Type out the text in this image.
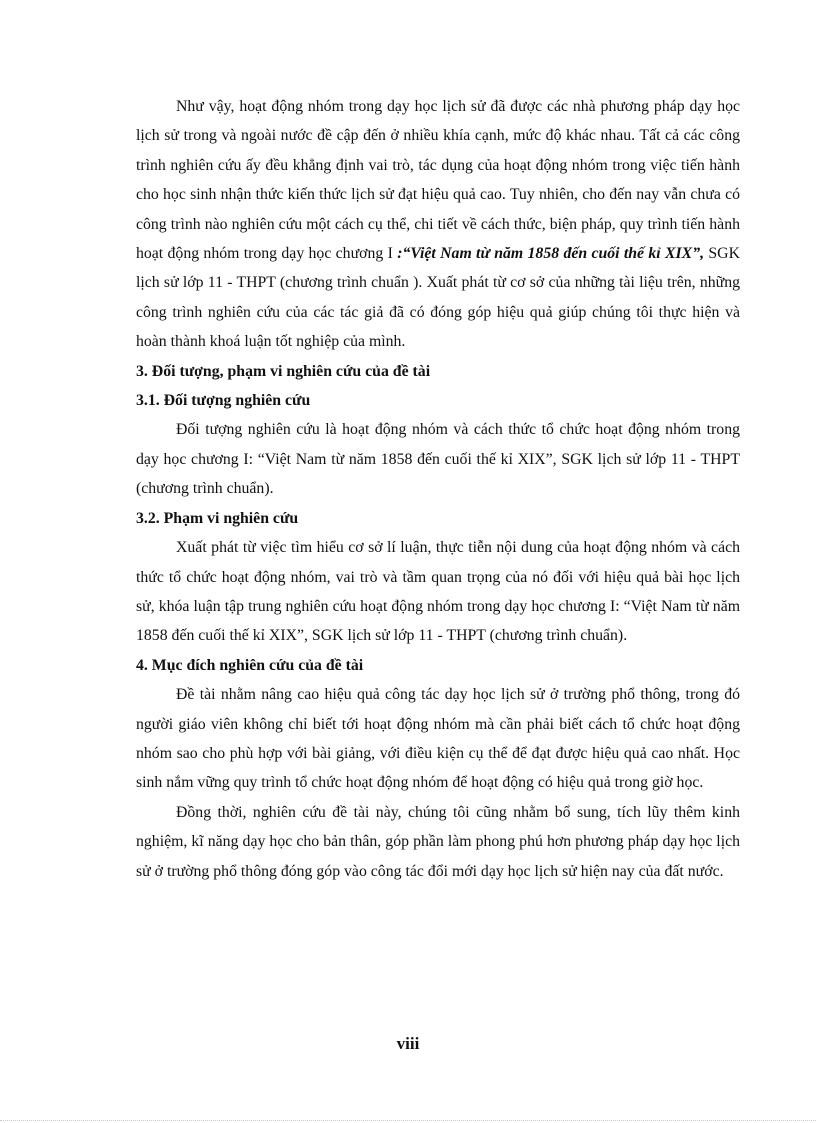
Như vậy, hoạt động nhóm trong dạy học lịch sử đã được các nhà phương pháp dạy học lịch sử trong và ngoài nước đề cập đến ở nhiều khía cạnh, mức độ khác nhau. Tất cả các công trình nghiên cứu ấy đều khẳng định vai trò, tác dụng của hoạt động nhóm trong việc tiến hành cho học sinh nhận thức kiến thức lịch sử đạt hiệu quả cao. Tuy nhiên, cho đến nay vẫn chưa có công trình nào nghiên cứu một cách cụ thể, chi tiết về cách thức, biện pháp, quy trình tiến hành hoạt động nhóm trong dạy học chương I :“Việt Nam từ năm 1858 đến cuối thế kỉ XIX”, SGK lịch sử lớp 11 - THPT (chương trình chuẩn ). Xuất phát từ cơ sở của những tài liệu trên, những công trình nghiên cứu của các tác giả đã có đóng góp hiệu quả giúp chúng tôi thực hiện và hoàn thành khoá luận tốt nghiệp của mình.

3. Đối tượng, phạm vi nghiên cứu của đề tài

3.1. Đối tượng nghiên cứu

Đối tượng nghiên cứu là hoạt động nhóm và cách thức tổ chức hoạt động nhóm trong dạy học chương I: “Việt Nam từ năm 1858 đến cuối thế kỉ XIX”, SGK lịch sử lớp 11 - THPT (chương trình chuẩn).

3.2. Phạm vi nghiên cứu

Xuất phát từ việc tìm hiểu cơ sở lí luận, thực tiễn nội dung của hoạt động nhóm và cách thức tổ chức hoạt động nhóm, vai trò và tầm quan trọng của nó đối với hiệu quả bài học lịch sử, khóa luận tập trung nghiên cứu hoạt động nhóm trong dạy học chương I: “Việt Nam từ năm 1858 đến cuối thế kỉ XIX”, SGK lịch sử lớp 11 - THPT (chương trình chuẩn).

4. Mục đích nghiên cứu của đề tài

Đề tài nhằm nâng cao hiệu quả công tác dạy học lịch sử ở trường phổ thông, trong đó người giáo viên không chỉ biết tới hoạt động nhóm mà cần phải biết cách tổ chức hoạt động nhóm sao cho phù hợp với bài giảng, với điều kiện cụ thể để đạt được hiệu quả cao nhất. Học sinh nắm vững quy trình tổ chức hoạt động nhóm để hoạt động có hiệu quả trong giờ học.

Đồng thời, nghiên cứu đề tài này, chúng tôi cũng nhằm bổ sung, tích lũy thêm kinh nghiệm, kĩ năng dạy học cho bản thân, góp phần làm phong phú hơn phương pháp dạy học lịch sử ở trường phổ thông đóng góp vào công tác đổi mới dạy học lịch sử hiện nay của đất nước.

viii
